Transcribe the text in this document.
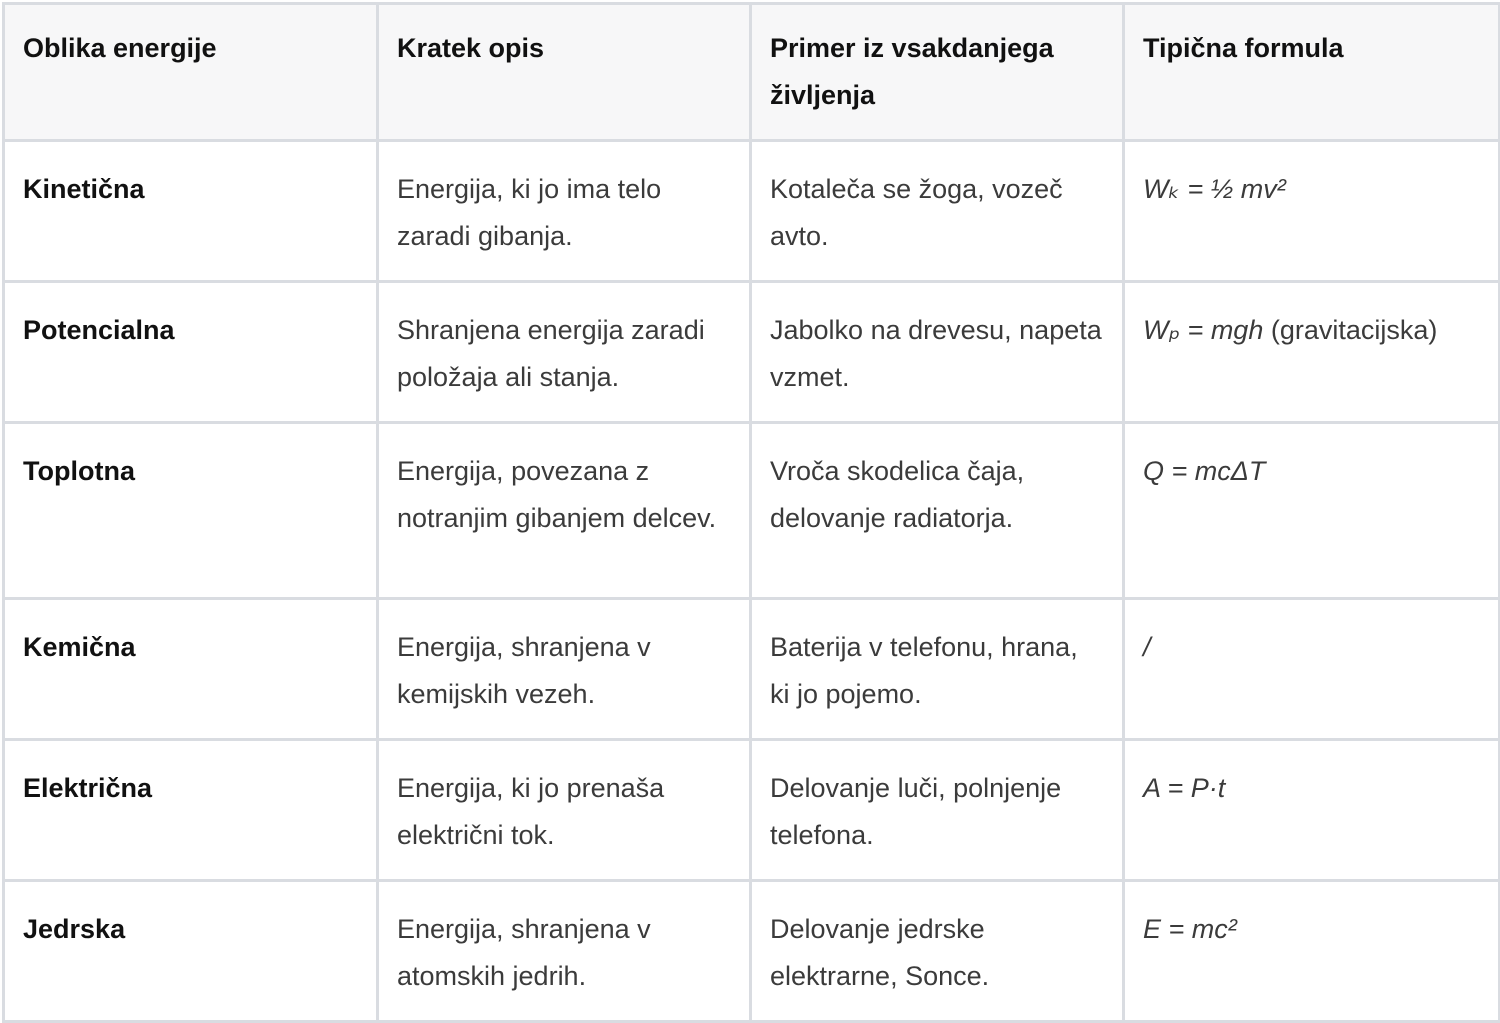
Oblika energije	Kratek opis	Primer iz vsakdanjega življenja	Tipična formula
Kinetična	Energija, ki jo ima telo zaradi gibanja.	Kotaleča se žoga, vozeč avto.	Wₖ = ½ mv²
Potencialna	Shranjena energija zaradi položaja ali stanja.	Jabolko na drevesu, napeta vzmet.	Wₚ = mgh (gravitacijska)
Toplotna	Energija, povezana z notranjim gibanjem delcev.	Vroča skodelica čaja, delovanje radiatorja.	Q = mcΔT
Kemična	Energija, shranjena v kemijskih vezeh.	Baterija v telefonu, hrana, ki jo pojemo.	/
Električna	Energija, ki jo prenaša električni tok.	Delovanje luči, polnjenje telefona.	A = P·t
Jedrska	Energija, shranjena v atomskih jedrih.	Delovanje jedrske elektrarne, Sonce.	E = mc²
